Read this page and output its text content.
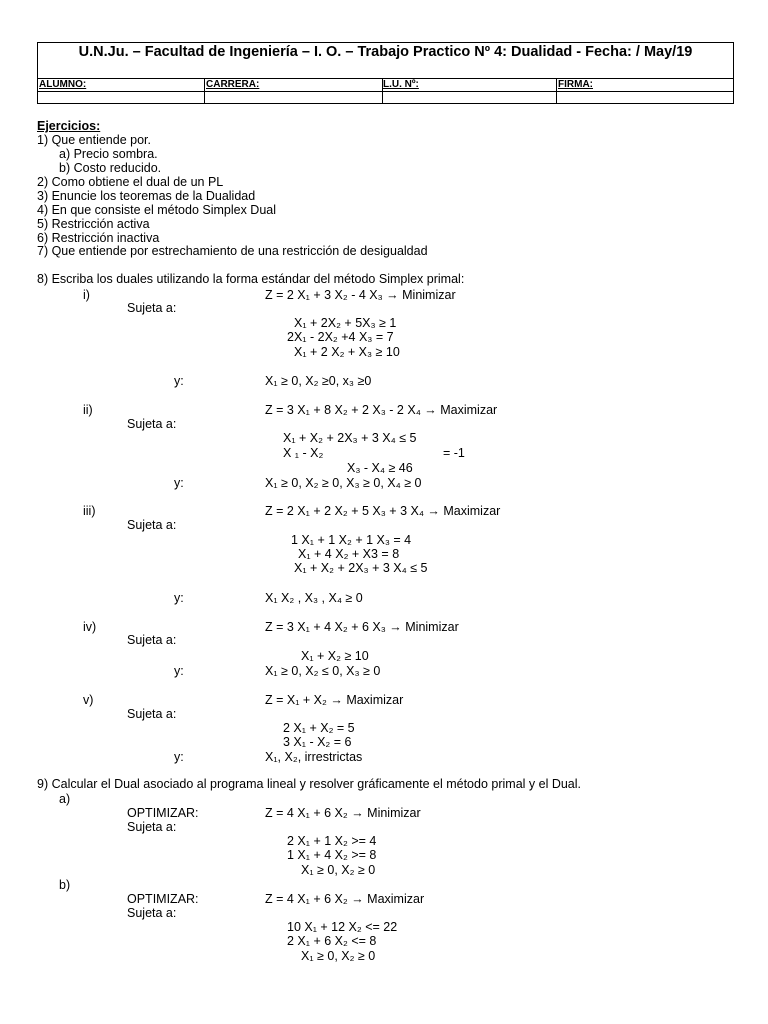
U.N.Ju. – Facultad de Ingeniería – I. O. – Trabajo Practico Nº 4: Dualidad - Fecha: / May/19
ALUMNO:	CARRERA:	L.U. Nº:	FIRMA:
Ejercicios:
1) Que entiende por.
a) Precio sombra.
b) Costo reducido.
2) Como obtiene el dual de un PL
3) Enuncie los teoremas de la Dualidad
4) En que consiste el método Simplex Dual
5) Restricción activa
6) Restricción inactiva
7) Que entiende por estrechamiento de una restricción de desigualdad
8) Escriba los duales utilizando la forma estándar del método Simplex primal:
i)	Z = 2 X₁ + 3 X₂ - 4 X₃ → Minimizar
Sujeta a:
X₁ + 2X₂ + 5X₃ ≥ 1
2X₁ - 2X₂ +4 X₃ = 7
X₁ + 2 X₂ + X₃ ≥ 10
y:	X₁ ≥ 0, X₂ ≥0, x₃ ≥0
ii)	Z = 3 X₁ + 8 X₂ + 2 X₃ - 2 X₄ → Maximizar
Sujeta a:
X₁ + X₂ + 2X₃ + 3 X₄ ≤ 5
X ₁ - X₂	= -1
X₃ - X₄ ≥ 46
y:	X₁ ≥ 0, X₂ ≥ 0, X₃ ≥ 0, X₄ ≥ 0
iii)	Z = 2 X₁ + 2 X₂ + 5 X₃ + 3 X₄ → Maximizar
Sujeta a:
1 X₁ + 1 X₂ + 1 X₃ = 4
X₁ + 4 X₂ + X3 = 8
X₁ + X₂ + 2X₃ + 3 X₄ ≤ 5
y:	X₁ X₂ , X₃ , X₄ ≥ 0
iv)	Z = 3 X₁ + 4 X₂ + 6 X₃ → Minimizar
Sujeta a:
X₁ + X₂ ≥ 10
y:	X₁ ≥ 0, X₂ ≤ 0, X₃ ≥ 0
v)	Z = X₁ + X₂ → Maximizar
Sujeta a:
2 X₁ + X₂ = 5
3 X₁ - X₂ = 6
y:	X₁, X₂, irrestrictas
9) Calcular el Dual asociado al programa lineal y resolver gráficamente el método primal y el Dual.
a)
OPTIMIZAR:	Z = 4 X₁ + 6 X₂ → Minimizar
Sujeta a:
2 X₁ + 1 X₂ >= 4
1 X₁ + 4 X₂ >= 8
X₁ ≥ 0, X₂ ≥ 0
b)
OPTIMIZAR:	Z = 4 X₁ + 6 X₂ → Maximizar
Sujeta a:
10 X₁ + 12 X₂ <= 22
2 X₁ + 6 X₂ <= 8
X₁ ≥ 0, X₂ ≥ 0
